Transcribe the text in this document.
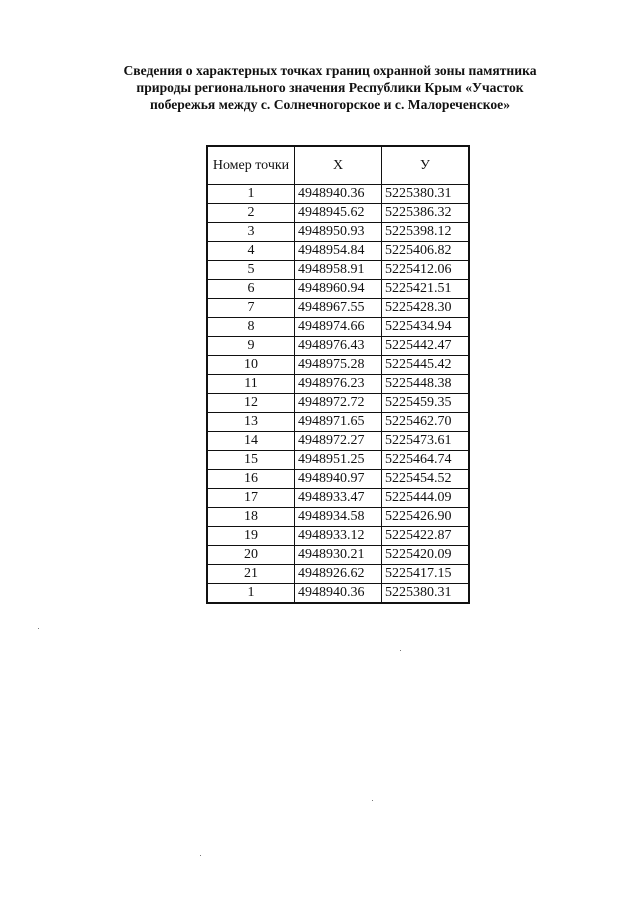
Сведения о характерных точках границ охранной зоны памятника
природы регионального значения Республики Крым «Участок
побережья между с. Солнечногорское и с. Малореченское»
Номер точки	X	У
1	4948940.36	5225380.31
2	4948945.62	5225386.32
3	4948950.93	5225398.12
4	4948954.84	5225406.82
5	4948958.91	5225412.06
6	4948960.94	5225421.51
7	4948967.55	5225428.30
8	4948974.66	5225434.94
9	4948976.43	5225442.47
10	4948975.28	5225445.42
11	4948976.23	5225448.38
12	4948972.72	5225459.35
13	4948971.65	5225462.70
14	4948972.27	5225473.61
15	4948951.25	5225464.74
16	4948940.97	5225454.52
17	4948933.47	5225444.09
18	4948934.58	5225426.90
19	4948933.12	5225422.87
20	4948930.21	5225420.09
21	4948926.62	5225417.15
1	4948940.36	5225380.31
